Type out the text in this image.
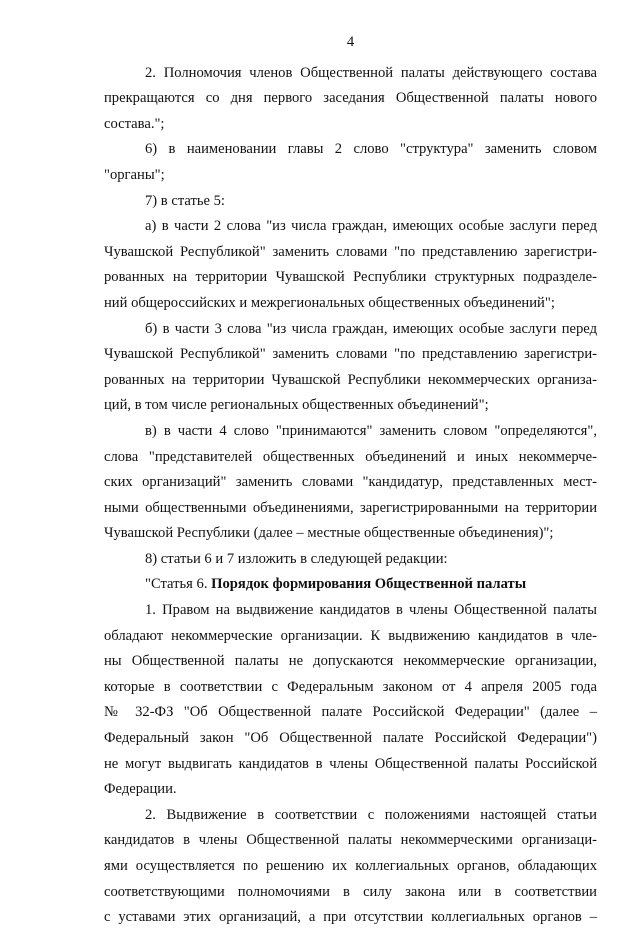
4
2. Полномочия членов Общественной палаты действующего состава
прекращаются со дня первого заседания Общественной палаты нового
состава.";
6) в наименовании главы 2 слово "структура" заменить словом
"органы";
7) в статье 5:
а) в части 2 слова "из числа граждан, имеющих особые заслуги перед
Чувашской Республикой" заменить словами "по представлению зарегистри-
рованных на территории Чувашской Республики структурных подразделе-
ний общероссийских и межрегиональных общественных объединений";
б) в части 3 слова "из числа граждан, имеющих особые заслуги перед
Чувашской Республикой" заменить словами "по представлению зарегистри-
рованных на территории Чувашской Республики некоммерческих организа-
ций, в том числе региональных общественных объединений";
в) в части 4 слово "принимаются" заменить словом "определяются",
слова "представителей общественных объединений и иных некоммерче-
ских организаций" заменить словами "кандидатур, представленных мест-
ными общественными объединениями, зарегистрированными на территории
Чувашской Республики (далее – местные общественные объединения)";
8) статьи 6 и 7 изложить в следующей редакции:
"Статья 6. Порядок формирования Общественной палаты
1. Правом на выдвижение кандидатов в члены Общественной палаты
обладают некоммерческие организации. К выдвижению кандидатов в чле-
ны Общественной палаты не допускаются некоммерческие организации,
которые в соответствии с Федеральным законом от 4 апреля 2005 года
№ 32-ФЗ "Об Общественной палате Российской Федерации" (далее –
Федеральный закон "Об Общественной палате Российской Федерации")
не могут выдвигать кандидатов в члены Общественной палаты Российской
Федерации.
2. Выдвижение в соответствии с положениями настоящей статьи
кандидатов в члены Общественной палаты некоммерческими организаци-
ями осуществляется по решению их коллегиальных органов, обладающих
соответствующими полномочиями в силу закона или в соответствии
с уставами этих организаций, а при отсутствии коллегиальных органов –
